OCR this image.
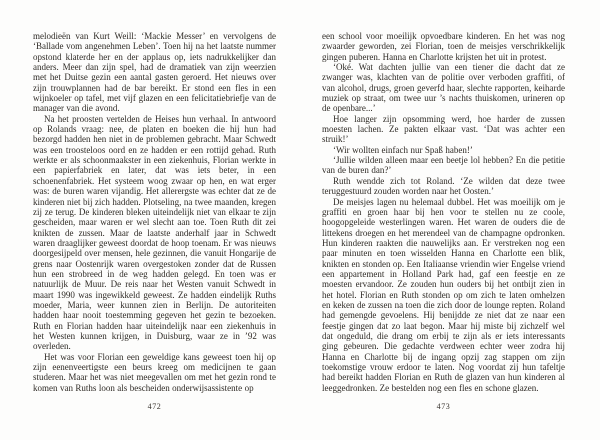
melodieën van Kurt Weill: ‘Mackie Messer’ en vervolgens de ‘Ballade vom angenehmen Leben’. Toen hij na het laatste nummer opstond klaterde her en der applaus op, iets nadrukkelijker dan anders. Meer dan zijn spel, had de dramatiek van zijn weerzien met het Duitse gezin een aantal gasten geroerd. Het nieuws over zijn trouwplannen had de bar bereikt. Er stond een fles in een wijnkoeler op tafel, met vijf glazen en een felicitatiebriefje van de manager van die avond.

Na het proosten vertelden de Heises hun verhaal. In antwoord op Rolands vraag: nee, de platen en boeken die hij hun had bezorgd hadden hen niet in de problemen gebracht. Maar Schwedt was een troosteloos oord en ze hadden er een rottijd gehad. Ruth werkte er als schoonmaakster in een ziekenhuis, Florian werkte in een papierfabriek en later, dat was iets beter, in een schoenenfabriek. Het systeem woog zwaar op hen, en wat erger was: de buren waren vijandig. Het allerergste was echter dat ze de kinderen niet bij zich hadden. Plotseling, na twee maanden, kregen zij ze terug. De kinderen bleken uiteindelijk niet van elkaar te zijn gescheiden, maar waren er wel slecht aan toe. Toen Ruth dit zei knikten de zussen. Maar de laatste anderhalf jaar in Schwedt waren draaglijker geweest doordat de hoop toenam. Er was nieuws doorgesijpeld over mensen, hele gezinnen, die vanuit Hongarije de grens naar Oostenrijk waren overgestoken zonder dat de Russen hun een strobreed in de weg hadden gelegd. En toen was er natuurlijk de Muur. De reis naar het Westen vanuit Schwedt in maart 1990 was ingewikkeld geweest. Ze hadden eindelijk Ruths moeder, Maria, weer kunnen zien in Berlijn. De autoriteiten hadden haar nooit toestemming gegeven het gezin te bezoeken. Ruth en Florian hadden haar uiteindelijk naar een ziekenhuis in het Westen kunnen krijgen, in Duisburg, waar ze in ’92 was overleden.

Het was voor Florian een geweldige kans geweest toen hij op zijn eenenveertigste een beurs kreeg om medicijnen te gaan studeren. Maar het was niet meegevallen om met het gezin rond te komen van Ruths loon als bescheiden onderwijsassistente op

472

een school voor moeilijk opvoedbare kinderen. En het was nog zwaarder geworden, zei Florian, toen de meisjes verschrikkelijk gingen puberen. Hanna en Charlotte krijsten het uit in protest.

‘Oké. Wat dachten jullie van een tiener die dacht dat ze zwanger was, klachten van de politie over verboden graffiti, of van alcohol, drugs, groen geverfd haar, slechte rapporten, keiharde muziek op straat, om twee uur ’s nachts thuiskomen, urineren op de openbare...’

Hoe langer zijn opsomming werd, hoe harder de zussen moesten lachen. Ze pakten elkaar vast. ‘Dat was achter een struik!’

‘Wir wollten einfach nur Spaß haben!’

‘Jullie wilden alleen maar een beetje lol hebben? En die petitie van de buren dan?’

Ruth wendde zich tot Roland. ‘Ze wilden dat deze twee teruggestuurd zouden worden naar het Oosten.’

De meisjes lagen nu helemaal dubbel. Het was moeilijk om je graffiti en groen haar bij hen voor te stellen nu ze coole, hoogopgeleide westerlingen waren. Het waren de ouders die de littekens droegen en het merendeel van de champagne opdronken. Hun kinderen raakten die nauwelijks aan. Er verstreken nog een paar minuten en toen wisselden Hanna en Charlotte een blik, knikten en stonden op. Een Italiaanse vriendin wier Engelse vriend een appartement in Holland Park had, gaf een feestje en ze moesten ervandoor. Ze zouden hun ouders bij het ontbijt zien in het hotel. Florian en Ruth stonden op om zich te laten omhelzen en keken de zussen na toen die zich door de lounge repten. Roland had gemengde gevoelens. Hij benijdde ze niet dat ze naar een feestje gingen dat zo laat begon. Maar hij miste bij zichzelf wel dat ongeduld, die drang om erbij te zijn als er iets interessants ging gebeuren. Die gedachte verdween echter weer zodra hij Hanna en Charlotte bij de ingang opzij zag stappen om zijn toekomstige vrouw erdoor te laten. Nog voordat zij hun tafeltje had bereikt hadden Florian en Ruth de glazen van hun kinderen al leeggedronken. Ze bestelden nog een fles en schone glazen.

473
